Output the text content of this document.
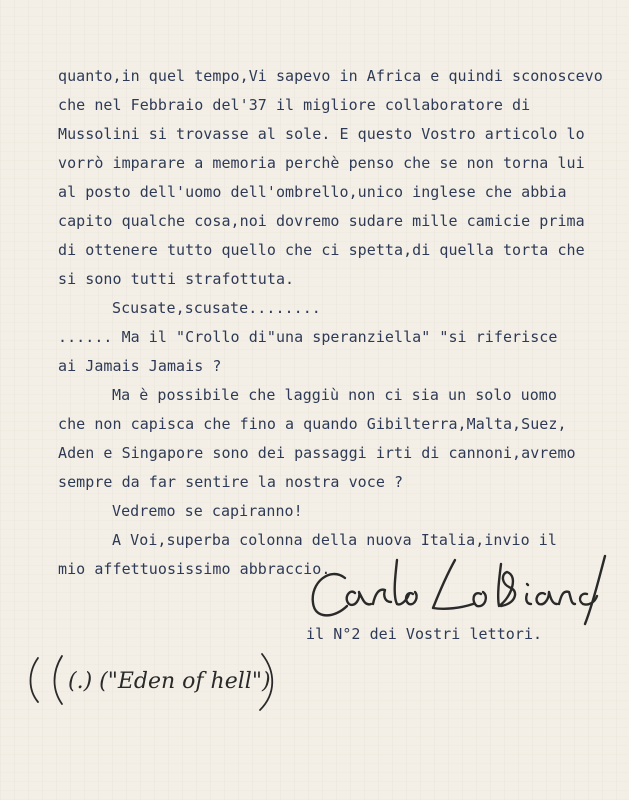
quanto,in quel tempo,Vi sapevo in Africa e quindi sconoscevo
che nel Febbraio del'37 il migliore collaboratore di
Mussolini si trovasse al sole. E questo Vostro articolo lo
vorrò imparare a memoria perchè penso che se non torna lui
al posto dell'uomo dell'ombrello,unico inglese che abbia
capito qualche cosa,noi dovremo sudare mille camicie prima
di ottenere tutto quello che ci spetta,di quella torta che
si sono tutti strafottuta.
Scusate,scusate........
...... Ma il "Crollo di"una speranziella" "si riferisce
ai Jamais Jamais ?
Ma è possibile che laggiù non ci sia un solo uomo
che non capisca che fino a quando Gibilterra,Malta,Suez,
Aden e Singapore sono dei passaggi irti di cannoni,avremo
sempre da far sentire la nostra voce ?
Vedremo se capiranno!
A Voi,superba colonna della nuova Italia,invio il
mio affettuosissimo abbraccio.
il N°2 dei Vostri lettori.
(.) ("Eden of hell")
